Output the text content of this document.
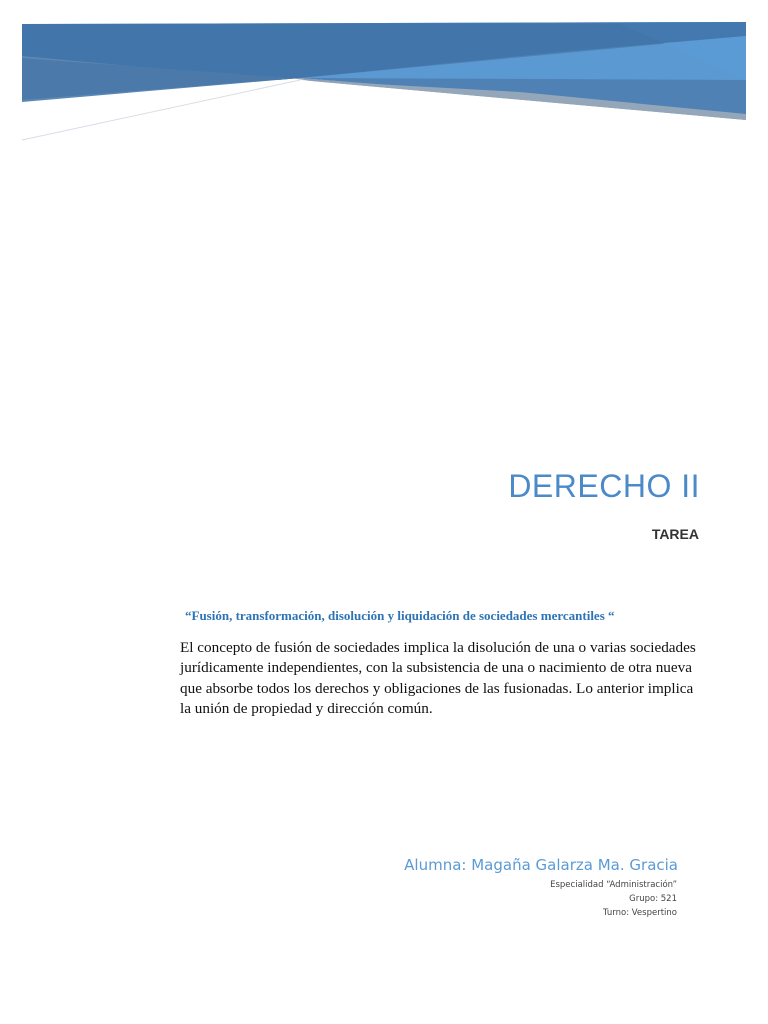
DERECHO II
TAREA

“Fusión, transformación, disolución y liquidación de sociedades mercantiles “

El concepto de fusión de sociedades implica la disolución de una o varias sociedades jurídicamente independientes, con la subsistencia de una o nacimiento de otra nueva que absorbe todos los derechos y obligaciones de las fusionadas. Lo anterior implica la unión de propiedad y dirección común.

Alumna: Magaña Galarza Ma. Gracia

Especialidad “Administración”

Grupo: 521

Turno: Vespertino
